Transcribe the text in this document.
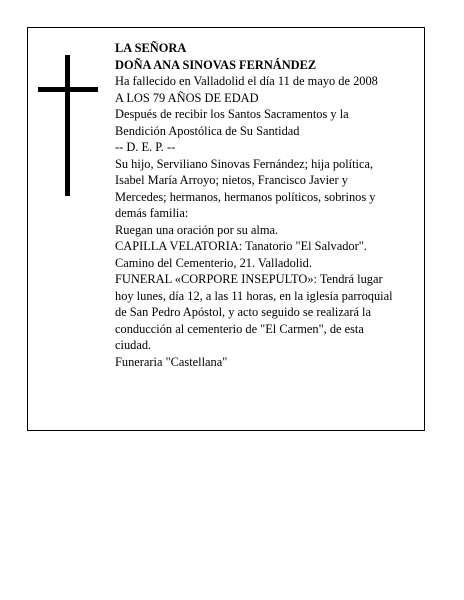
LA SEÑORA
DOÑA ANA SINOVAS FERNÁNDEZ
Ha fallecido en Valladolid el día 11 de mayo de 2008
A LOS 79 AÑOS DE EDAD
Después de recibir los Santos Sacramentos y la
Bendición Apostólica de Su Santidad
-- D. E. P. --
Su hijo, Serviliano Sinovas Fernández; hija política,
Isabel María Arroyo; nietos, Francisco Javier y
Mercedes; hermanos, hermanos políticos, sobrinos y
demás familia:
Ruegan una oración por su alma.
CAPILLA VELATORIA: Tanatorio "El Salvador".
Camino del Cementerio, 21. Valladolid.
FUNERAL «CORPORE INSEPULTO»: Tendrá lugar
hoy lunes, día 12, a las 11 horas, en la iglesia parroquial
de San Pedro Apóstol, y acto seguido se realizará la
conducción al cementerio de "El Carmen", de esta
ciudad.
Funeraria "Castellana"
